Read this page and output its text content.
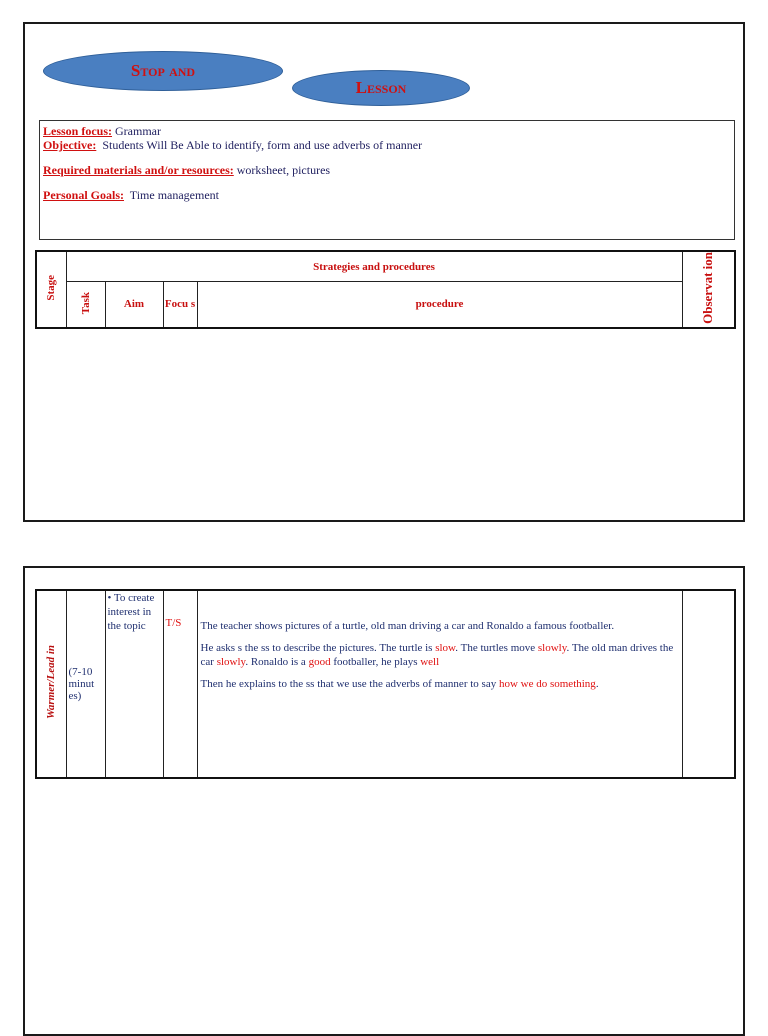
Stop and
Lesson

Lesson focus: Grammar

Objective: Students Will Be Able to identify, form and use adverbs of manner

Required materials and/or resources: worksheet, pictures

Personal Goals: Time management

Stage	Strategies and procedures				Observat ion
	Task	Aim	Focu s	procedure	
Warmer/Lead in	(7-10 minut es)	• To create interest in the topic	T/S	The teacher shows pictures of a turtle, old man driving a car and Ronaldo a famous footballer.

He asks s the ss to describe the pictures. The turtle is slow. The turtles move slowly. The old man drives the car slowly. Ronaldo is a good footballer, he plays well

Then he explains to the ss that we use the adverbs of manner to say how we do something.
